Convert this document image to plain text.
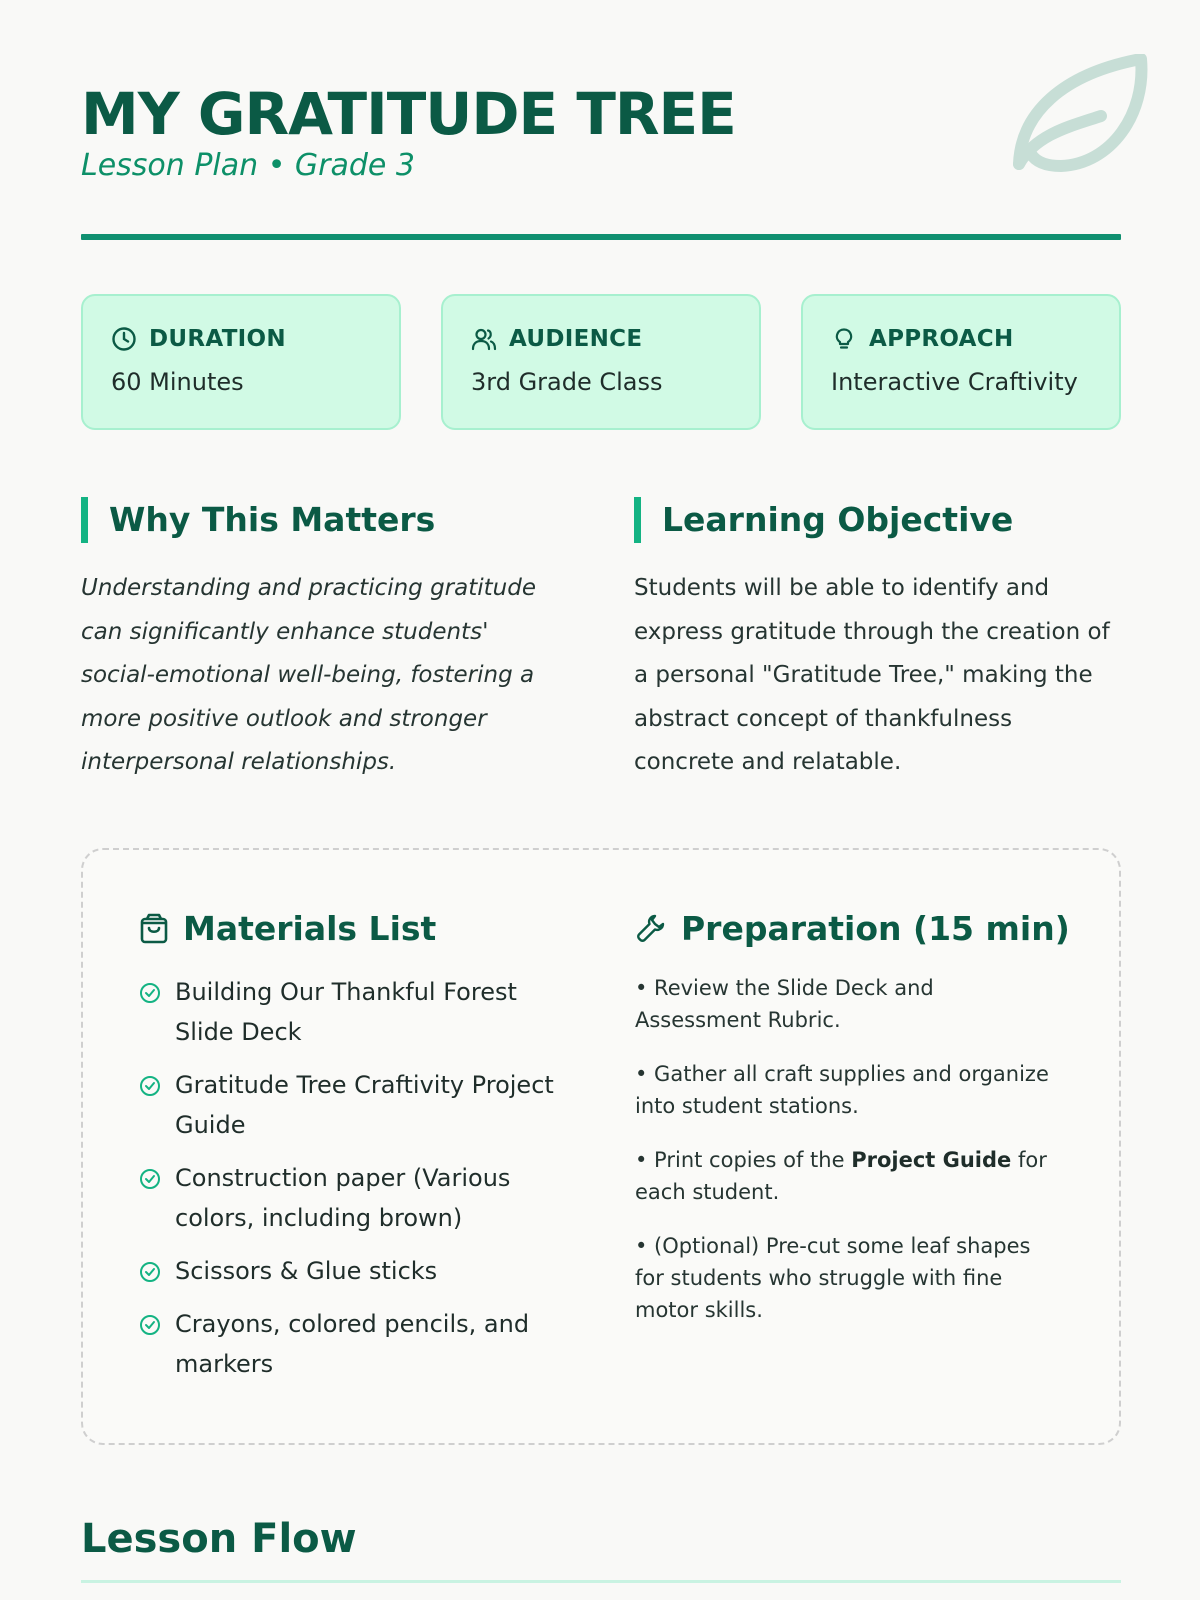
MY GRATITUDE TREE
Lesson Plan • Grade 3
DURATION
60 Minutes
AUDIENCE
3rd Grade Class
APPROACH
Interactive Craftivity
Why This Matters
Understanding and practicing gratitude can significantly enhance students' social-emotional well-being, fostering a more positive outlook and stronger interpersonal relationships.
Learning Objective
Students will be able to identify and express gratitude through the creation of a personal "Gratitude Tree," making the abstract concept of thankfulness concrete and relatable.
Materials List
Building Our Thankful Forest Slide Deck
Gratitude Tree Craftivity Project Guide
Construction paper (Various colors, including brown)
Scissors & Glue sticks
Crayons, colored pencils, and markers
Preparation (15 min)
• Review the Slide Deck and Assessment Rubric.
• Gather all craft supplies and organize into student stations.
• Print copies of the Project Guide for each student.
• (Optional) Pre-cut some leaf shapes for students who struggle with fine motor skills.
Lesson Flow
